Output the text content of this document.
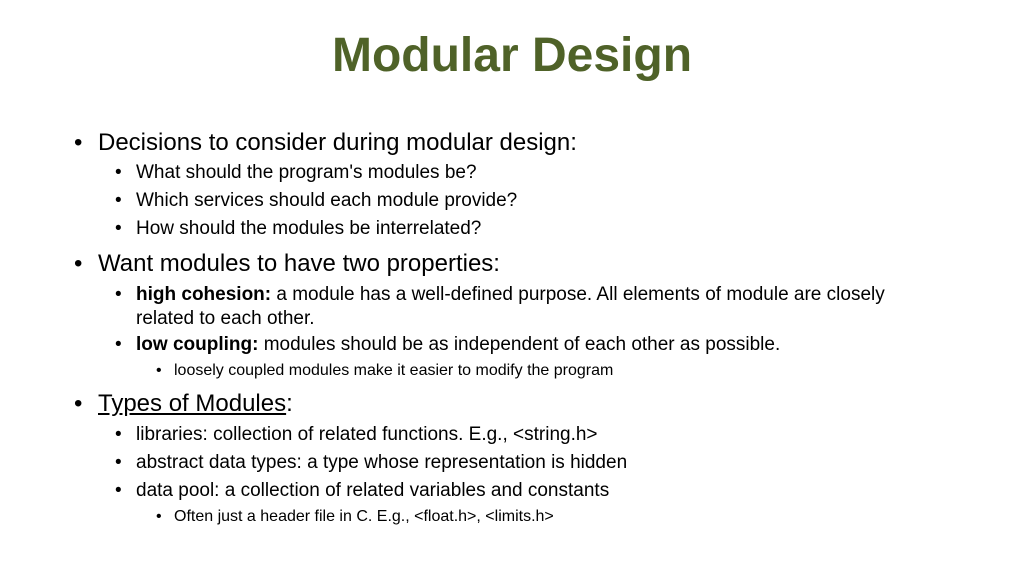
Modular Design
• Decisions to consider during modular design:
• What should the program's modules be?
• Which services should each module provide?
• How should the modules be interrelated?
• Want modules to have two properties:
• high cohesion: a module has a well-defined purpose. All elements of module are closely related to each other.
• low coupling: modules should be as independent of each other as possible.
• loosely coupled modules make it easier to modify the program
• Types of Modules:
• libraries: collection of related functions. E.g., <string.h>
• abstract data types: a type whose representation is hidden
• data pool: a collection of related variables and constants
• Often just a header file in C. E.g., <float.h>, <limits.h>
